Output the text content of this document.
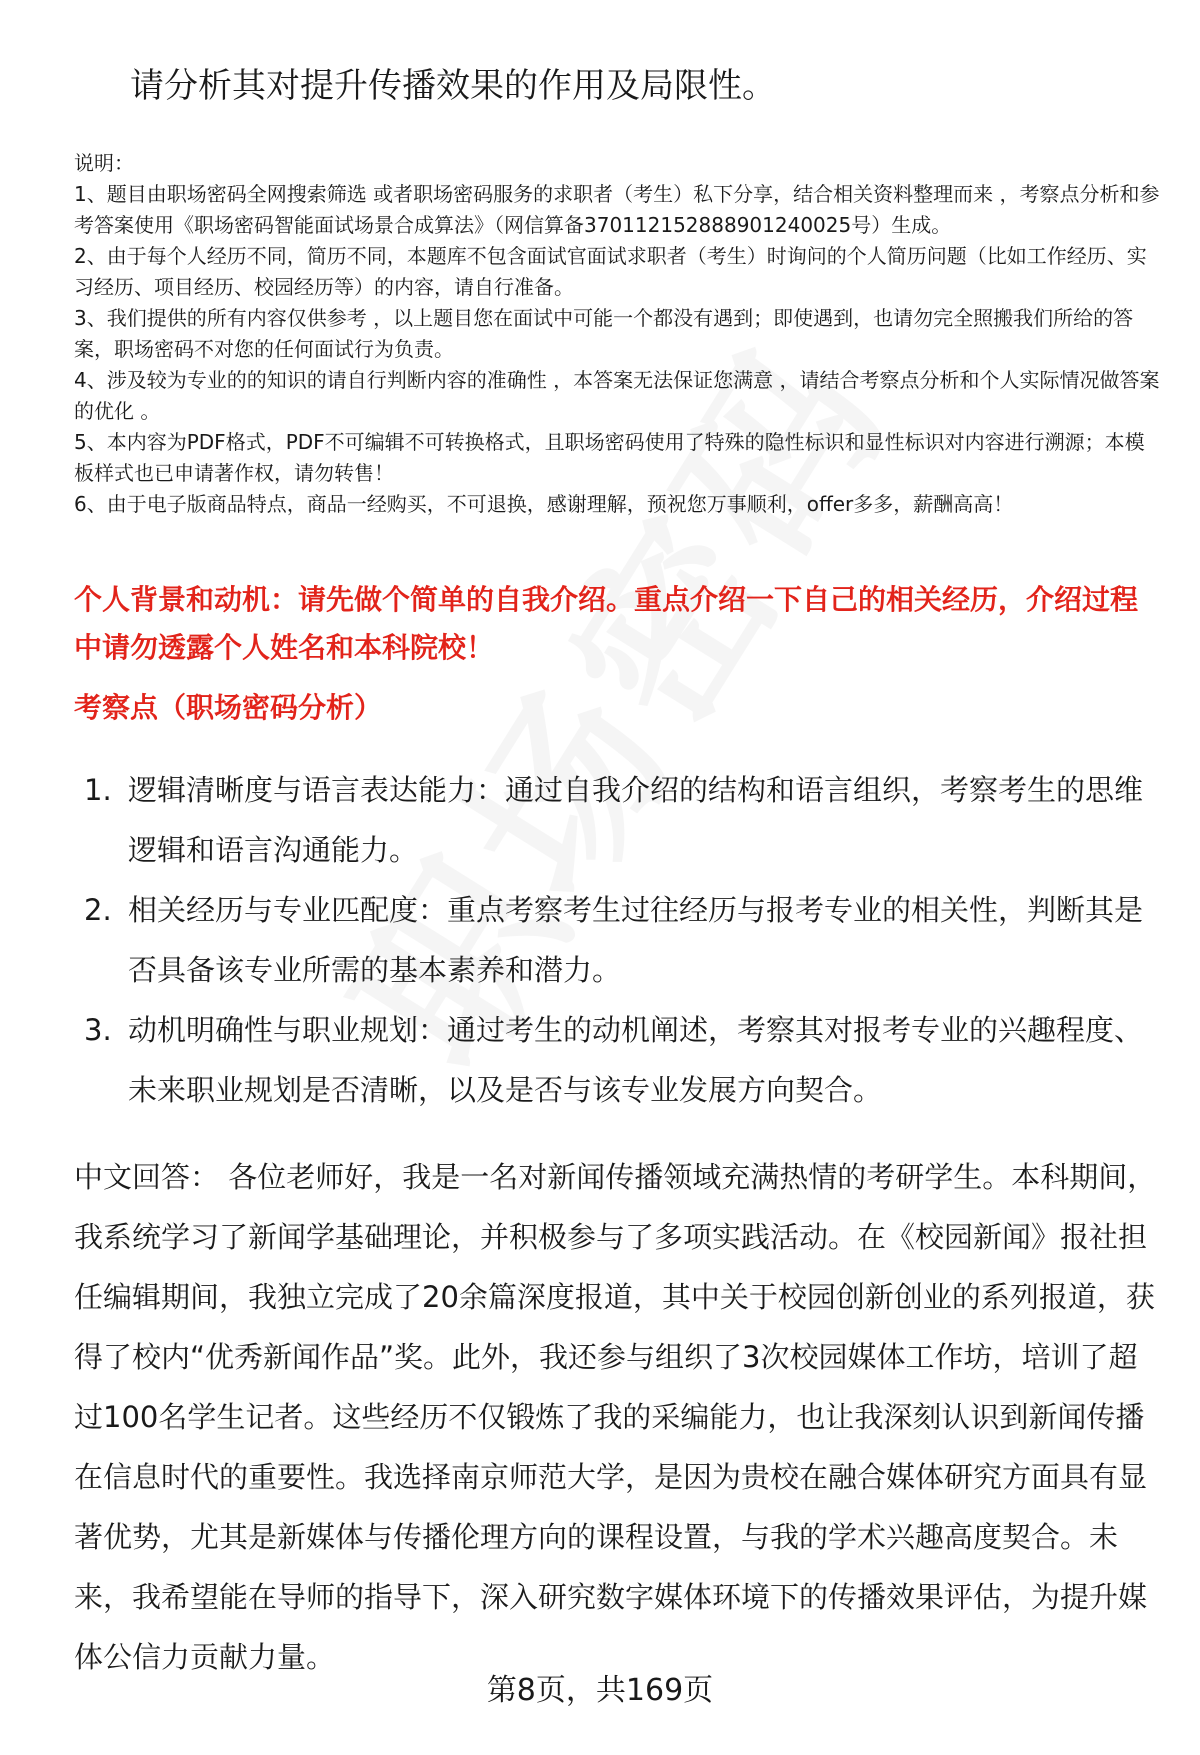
请分析其对提升传播效果的作用及局限性。

说明：

1、题目由职场密码全网搜索筛选 或者职场密码服务的求职者（考生）私下分享，结合相关资料整理而来 ，考察点分析和参考答案使用《职场密码智能面试场景合成算法》（网信算备370112152888901240025号）生成。

2、由于每个人经历不同，简历不同，本题库不包含面试官面试求职者（考生）时询问的个人简历问题（比如工作经历、实习经历、项目经历、校园经历等）的内容，请自行准备。

3、我们提供的所有内容仅供参考 ，以上题目您在面试中可能一个都没有遇到；即使遇到，也请勿完全照搬我们所给的答案，职场密码不对您的任何面试行为负责。

4、涉及较为专业的的知识的请自行判断内容的准确性 ，本答案无法保证您满意 ，请结合考察点分析和个人实际情况做答案的优化 。

5、本内容为PDF格式，PDF不可编辑不可转换格式，且职场密码使用了特殊的隐性标识和显性标识对内容进行溯源；本模板样式也已申请著作权，请勿转售！

6、由于电子版商品特点，商品一经购买，不可退换，感谢理解，预祝您万事顺利，offer多多，薪酬高高！

个人背景和动机：请先做个简单的自我介绍。重点介绍一下自己的相关经历，介绍过程中请勿透露个人姓名和本科院校！
考察点（职场密码分析）
1. 逻辑清晰度与语言表达能力：通过自我介绍的结构和语言组织，考察考生的思维逻辑和语言沟通能力。
2. 相关经历与专业匹配度：重点考察考生过往经历与报考专业的相关性，判断其是否具备该专业所需的基本素养和潜力。
3. 动机明确性与职业规划：通过考生的动机阐述，考察其对报考专业的兴趣程度、未来职业规划是否清晰，以及是否与该专业发展方向契合。

中文回答： 各位老师好，我是一名对新闻传播领域充满热情的考研学生。本科期间，我系统学习了新闻学基础理论，并积极参与了多项实践活动。在《校园新闻》报社担任编辑期间，我独立完成了20余篇深度报道，其中关于校园创新创业的系列报道，获得了校内“优秀新闻作品”奖。此外，我还参与组织了3次校园媒体工作坊，培训了超过100名学生记者。这些经历不仅锻炼了我的采编能力，也让我深刻认识到新闻传播在信息时代的重要性。我选择南京师范大学，是因为贵校在融合媒体研究方面具有显著优势，尤其是新媒体与传播伦理方向的课程设置，与我的学术兴趣高度契合。未来，我希望能在导师的指导下，深入研究数字媒体环境下的传播效果评估，为提升媒体公信力贡献力量。

第8页，共169页
